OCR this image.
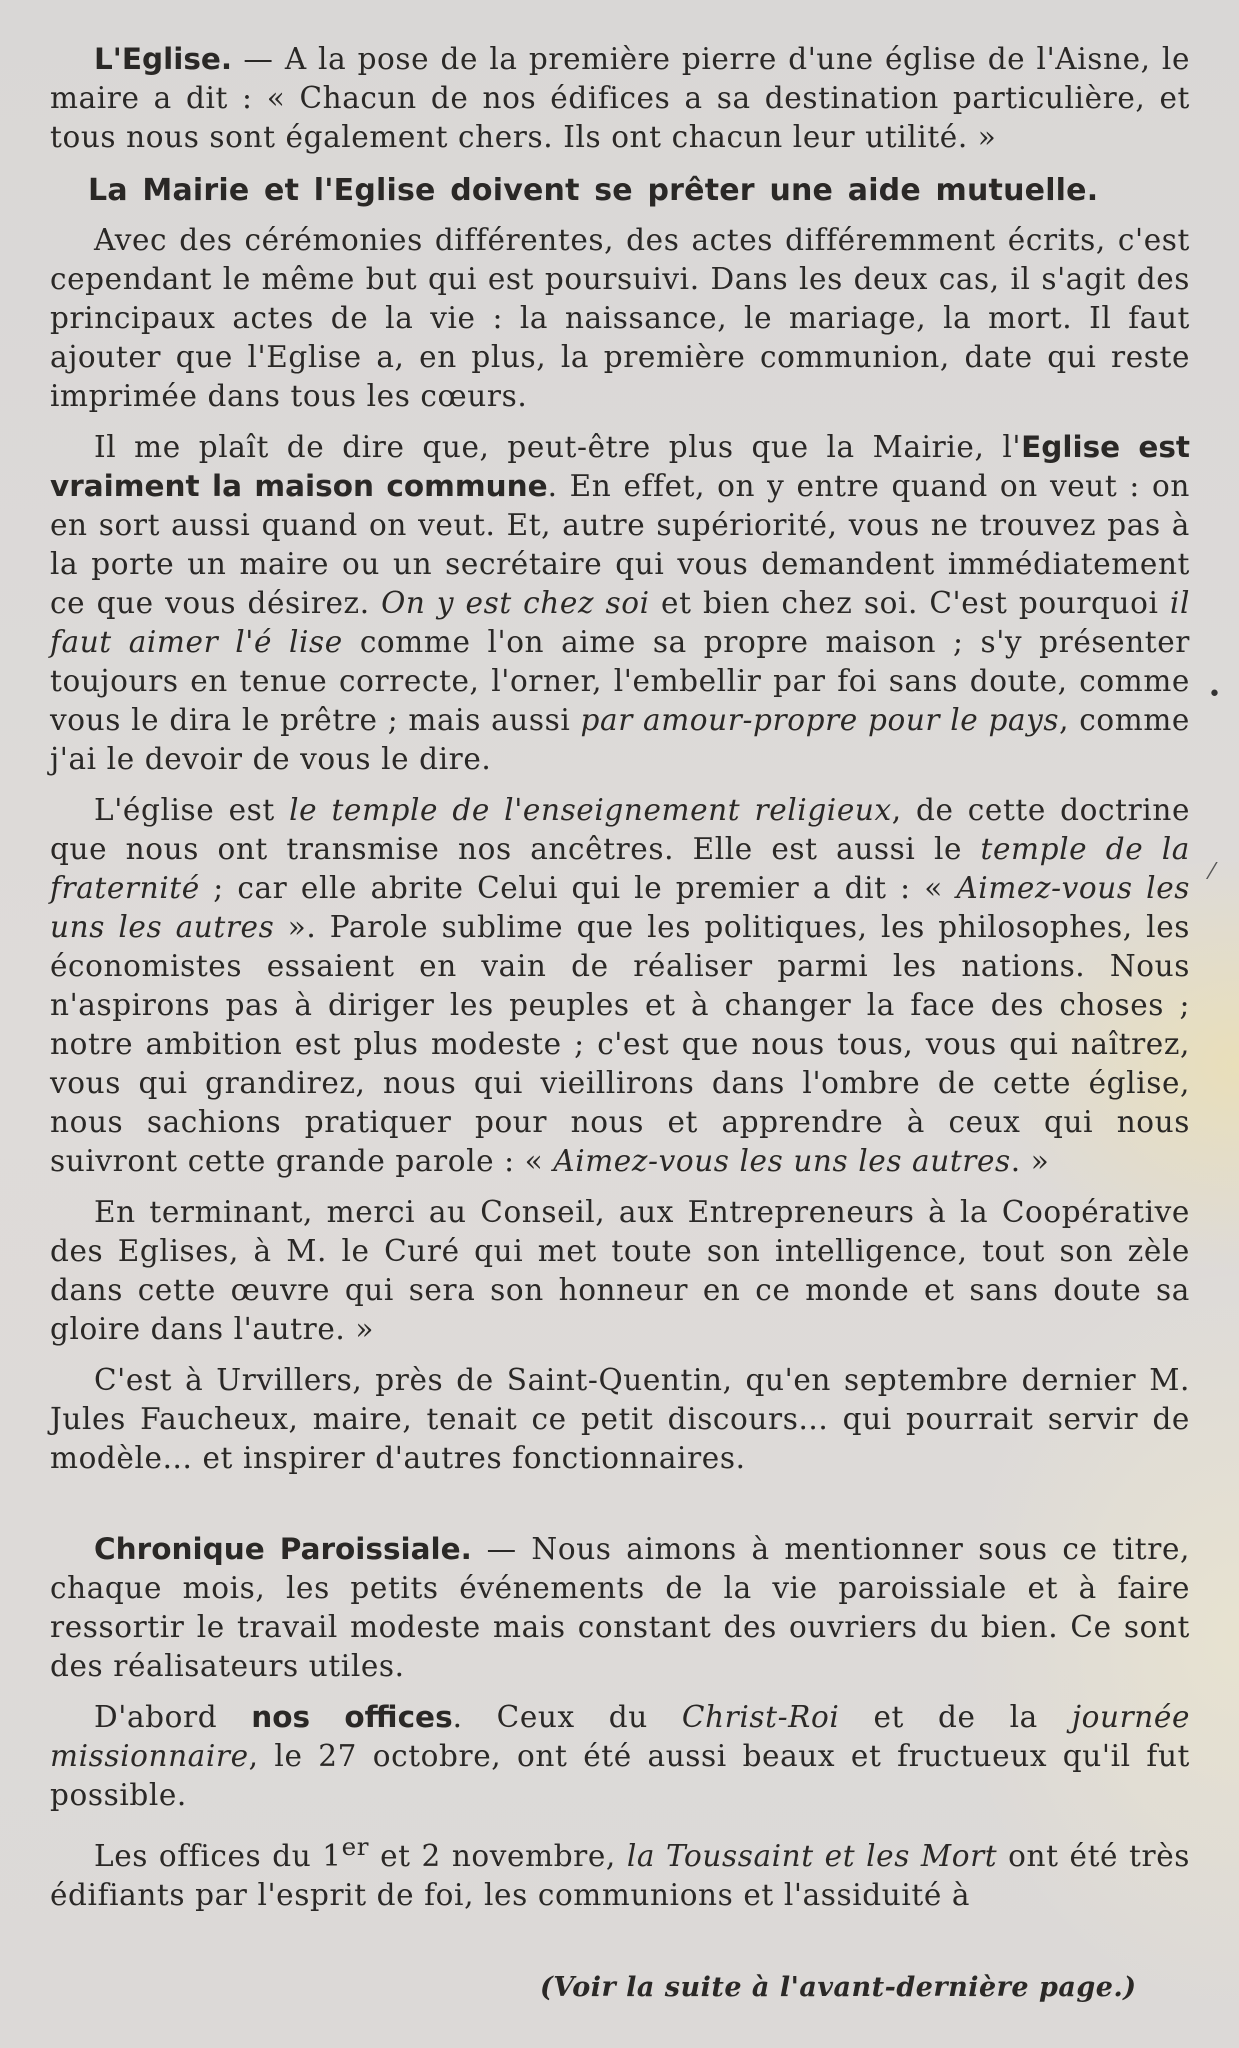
L'Eglise. — A la pose de la première pierre d'une église de l'Aisne, le maire a dit : « Chacun de nos édifices a sa destination particulière, et tous nous sont également chers. Ils ont chacun leur utilité. »

La Mairie et l'Eglise doivent se prêter une aide mutuelle.

Avec des cérémonies différentes, des actes différemment écrits, c'est cependant le même but qui est poursuivi. Dans les deux cas, il s'agit des principaux actes de la vie : la naissance, le mariage, la mort. Il faut ajouter que l'Eglise a, en plus, la première communion, date qui reste imprimée dans tous les cœurs.

Il me plaît de dire que, peut-être plus que la Mairie, l'Eglise est vraiment la maison commune. En effet, on y entre quand on veut : on en sort aussi quand on veut. Et, autre supériorité, vous ne trouvez pas à la porte un maire ou un secrétaire qui vous demandent immédiatement ce que vous désirez. On y est chez soi et bien chez soi. C'est pourquoi il faut aimer l'é lise comme l'on aime sa propre maison ; s'y présenter toujours en tenue correcte, l'orner, l'embellir par foi sans doute, comme vous le dira le prêtre ; mais aussi par amour-propre pour le pays, comme j'ai le devoir de vous le dire.

L'église est le temple de l'enseignement religieux, de cette doctrine que nous ont transmise nos ancêtres. Elle est aussi le temple de la fraternité ; car elle abrite Celui qui le premier a dit : « Aimez-vous les uns les autres ». Parole sublime que les politiques, les philosophes, les économistes essaient en vain de réaliser parmi les nations. Nous n'aspirons pas à diriger les peuples et à changer la face des choses ; notre ambition est plus modeste ; c'est que nous tous, vous qui naîtrez, vous qui grandirez, nous qui vieillirons dans l'ombre de cette église, nous sachions pratiquer pour nous et apprendre à ceux qui nous suivront cette grande parole : « Aimez-vous les uns les autres. »

En terminant, merci au Conseil, aux Entrepreneurs à la Coopérative des Eglises, à M. le Curé qui met toute son intelligence, tout son zèle dans cette œuvre qui sera son honneur en ce monde et sans doute sa gloire dans l'autre. »

C'est à Urvillers, près de Saint-Quentin, qu'en septembre dernier M. Jules Faucheux, maire, tenait ce petit discours... qui pourrait servir de modèle... et inspirer d'autres fonctionnaires.

Chronique Paroissiale. — Nous aimons à mentionner sous ce titre, chaque mois, les petits événements de la vie paroissiale et à faire ressortir le travail modeste mais constant des ouvriers du bien. Ce sont des réalisateurs utiles.

D'abord nos offices. Ceux du Christ-Roi et de la journée missionnaire, le 27 octobre, ont été aussi beaux et fructueux qu'il fut possible.

Les offices du 1er et 2 novembre, la Toussaint et les Mort ont été très édifiants par l'esprit de foi, les communions et l'assiduité à

(Voir la suite à l'avant-dernière page.)
•
⁄
